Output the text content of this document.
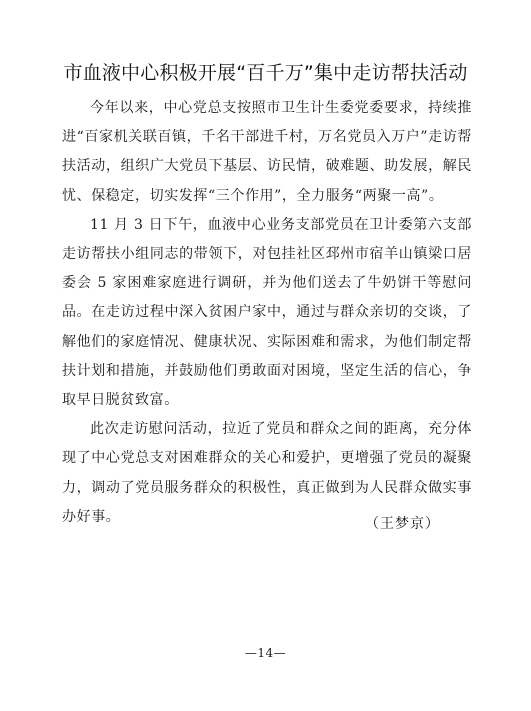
市血液中心积极开展“百千万”集中走访帮扶活动

今年以来，中心党总支按照市卫生计生委党委要求，持续推进“百家机关联百镇，千名干部进千村，万名党员入万户”走访帮扶活动，组织广大党员下基层、访民情，破难题、助发展，解民忧、保稳定，切实发挥“三个作用”，全力服务“两聚一高”。

11 月 3 日下午，血液中心业务支部党员在卫计委第六支部走访帮扶小组同志的带领下，对包挂社区邳州市宿羊山镇梁口居委会 5 家困难家庭进行调研，并为他们送去了牛奶饼干等慰问品。在走访过程中深入贫困户家中，通过与群众亲切的交谈，了解他们的家庭情况、健康状况、实际困难和需求，为他们制定帮扶计划和措施，并鼓励他们勇敢面对困境，坚定生活的信心，争取早日脱贫致富。

此次走访慰问活动，拉近了党员和群众之间的距离，充分体现了中心党总支对困难群众的关心和爱护，更增强了党员的凝聚力，调动了党员服务群众的积极性，真正做到为人民群众做实事办好事。	（王梦京）

—14—
